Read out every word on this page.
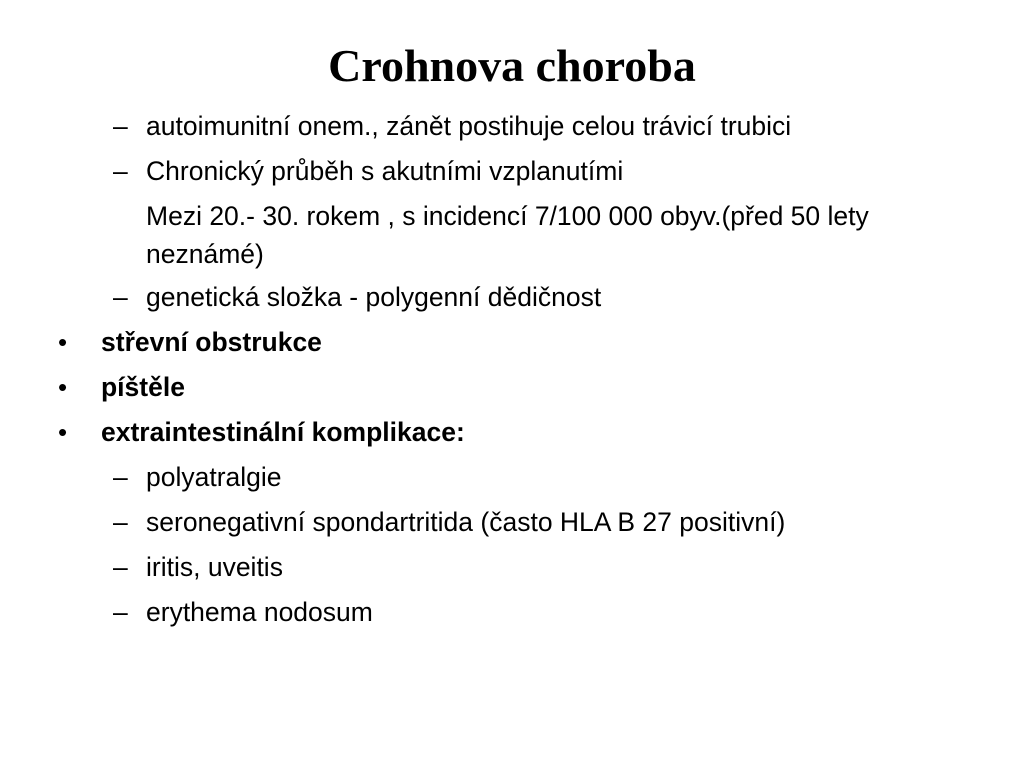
Crohnova choroba
– autoimunitní onem., zánět postihuje celou trávicí trubici
– Chronický průběh s akutními vzplanutími
Mezi 20.- 30. rokem , s incidencí 7/100 000 obyv.(před 50 lety neznámé)
– genetická složka - polygenní dědičnost
• střevní obstrukce
• píštěle
• extraintestinální komplikace:
– polyatralgie
– seronegativní spondartritida (často HLA B 27 positivní)
– iritis, uveitis
– erythema nodosum
